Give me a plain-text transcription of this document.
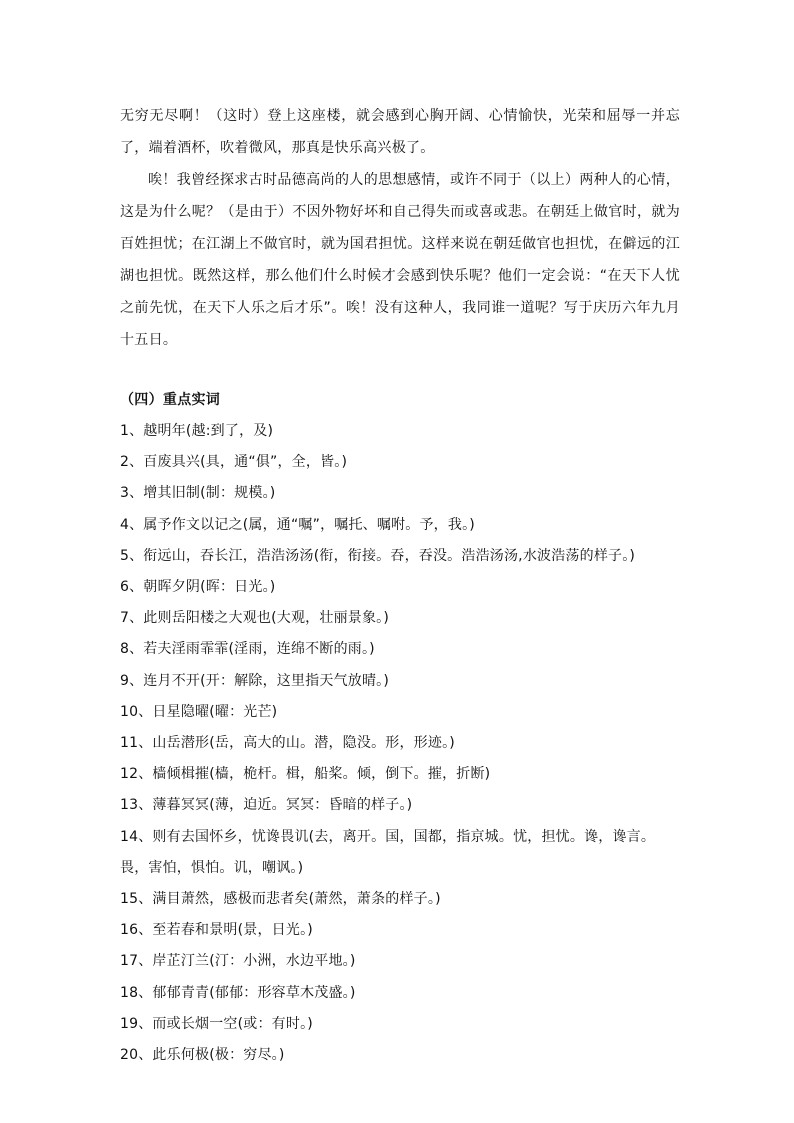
无穷无尽啊！（这时）登上这座楼，就会感到心胸开阔、心情愉快，光荣和屈辱一并忘了，端着酒杯，吹着微风，那真是快乐高兴极了。

唉！我曾经探求古时品德高尚的人的思想感情，或许不同于（以上）两种人的心情，这是为什么呢？（是由于）不因外物好坏和自己得失而或喜或悲。在朝廷上做官时，就为百姓担忧；在江湖上不做官时，就为国君担忧。这样来说在朝廷做官也担忧，在僻远的江湖也担忧。既然这样，那么他们什么时候才会感到快乐呢？他们一定会说：“在天下人忧之前先忧，在天下人乐之后才乐”。唉！没有这种人，我同谁一道呢？写于庆历六年九月十五日。

（四）重点实词

1、越明年(越:到了，及)
2、百废具兴(具，通“俱”，全，皆。)
3、增其旧制(制：规模。)
4、属予作文以记之(属，通“嘱”，嘱托、嘱咐。予，我。)
5、衔远山，吞长江，浩浩汤汤(衔，衔接。吞，吞没。浩浩汤汤,水波浩荡的样子。)
6、朝晖夕阴(晖：日光。)
7、此则岳阳楼之大观也(大观，壮丽景象。)
8、若夫淫雨霏霏(淫雨，连绵不断的雨。)
9、连月不开(开：解除，这里指天气放晴。)
10、日星隐曜(曜：光芒)
11、山岳潜形(岳，高大的山。潜，隐没。形，形迹。)
12、樯倾楫摧(樯，桅杆。楫，船桨。倾，倒下。摧，折断)
13、薄暮冥冥(薄，迫近。冥冥：昏暗的样子。)
14、则有去国怀乡，忧谗畏讥(去，离开。国，国都，指京城。忧，担忧。谗，谗言。畏，害怕，惧怕。讥，嘲讽。)
15、满目萧然，感极而悲者矣(萧然，萧条的样子。)
16、至若春和景明(景，日光。)
17、岸芷汀兰(汀：小洲，水边平地。)
18、郁郁青青(郁郁：形容草木茂盛。)
19、而或长烟一空(或：有时。)
20、此乐何极(极：穷尽。)
